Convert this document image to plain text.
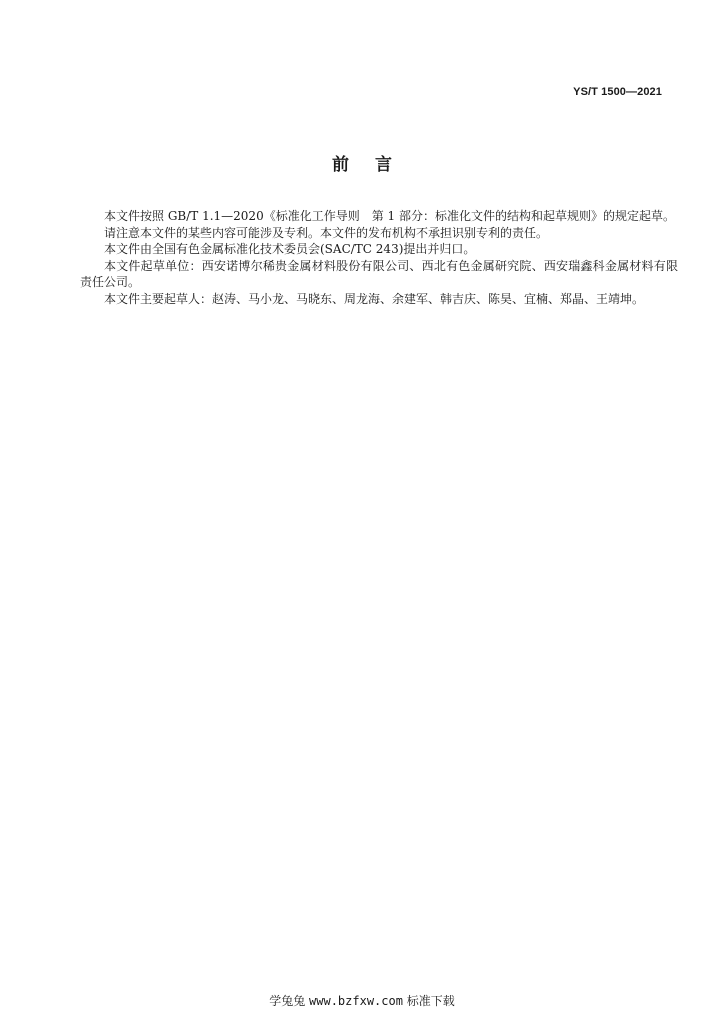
YS/T 1500—2021
前言

本文件按照 GB/T 1.1—2020《标准化工作导则　第 1 部分：标准化文件的结构和起草规则》的规定起草。

请注意本文件的某些内容可能涉及专利。本文件的发布机构不承担识别专利的责任。

本文件由全国有色金属标准化技术委员会(SAC/TC 243)提出并归口。

本文件起草单位：西安诺博尔稀贵金属材料股份有限公司、西北有色金属研究院、西安瑞鑫科金属材料有限责任公司。

本文件主要起草人：赵涛、马小龙、马晓东、周龙海、余建军、韩吉庆、陈昊、宜楠、郑晶、王靖坤。

学兔兔 www.bzfxw.com 标准下载
